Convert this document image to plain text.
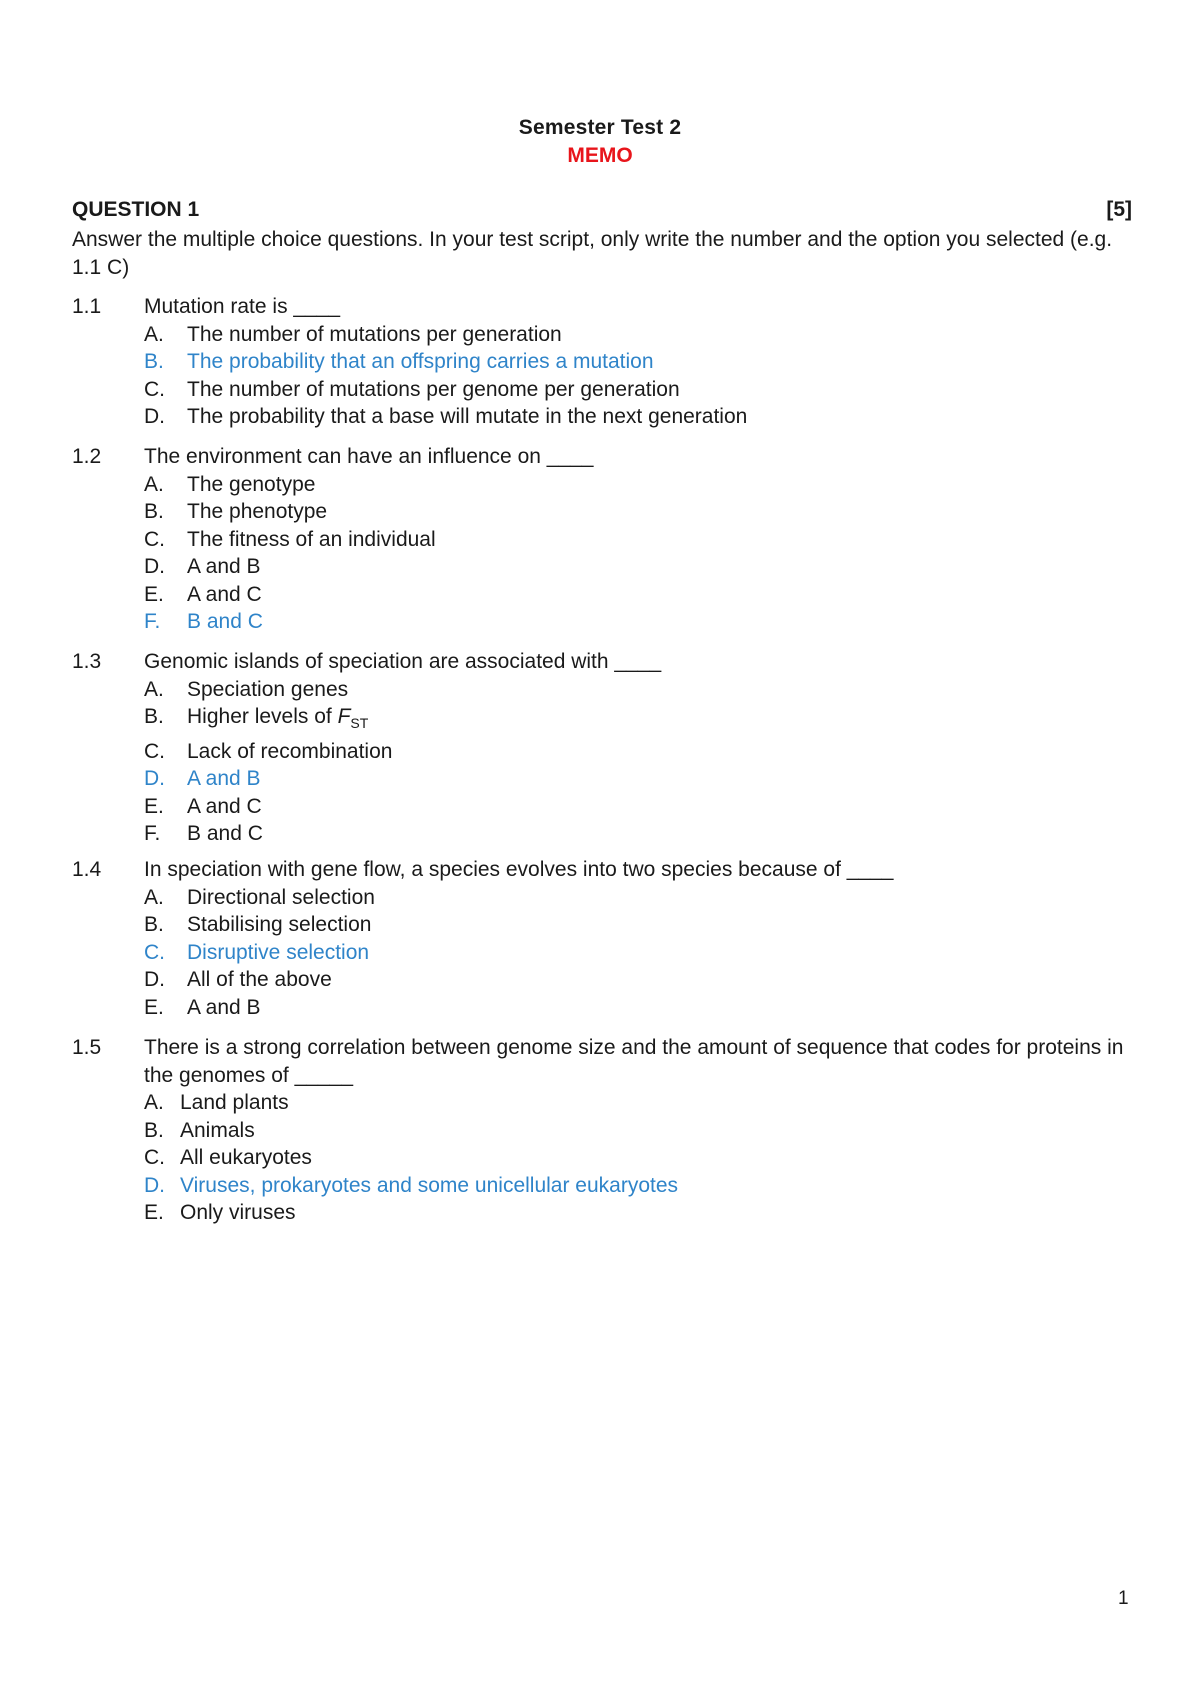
Semester Test 2
MEMO
QUESTION 1	[5]
Answer the multiple choice questions. In your test script, only write the number and the option you selected (e.g. 1.1 C)
1.1 Mutation rate is ____
A. The number of mutations per generation
B. The probability that an offspring carries a mutation
C. The number of mutations per genome per generation
D. The probability that a base will mutate in the next generation
1.2 The environment can have an influence on ____
A. The genotype
B. The phenotype
C. The fitness of an individual
D. A and B
E. A and C
F. B and C
1.3 Genomic islands of speciation are associated with ____
A. Speciation genes
B. Higher levels of $F_{ST}$
C. Lack of recombination
D. A and B
E. A and C
F. B and C
1.4 In speciation with gene flow, a species evolves into two species because of ____
A. Directional selection
B. Stabilising selection
C. Disruptive selection
D. All of the above
E. A and B
1.5 There is a strong correlation between genome size and the amount of sequence that codes for proteins in the genomes of _____
A. Land plants
B. Animals
C. All eukaryotes
D. Viruses, prokaryotes and some unicellular eukaryotes
E. Only viruses
1
